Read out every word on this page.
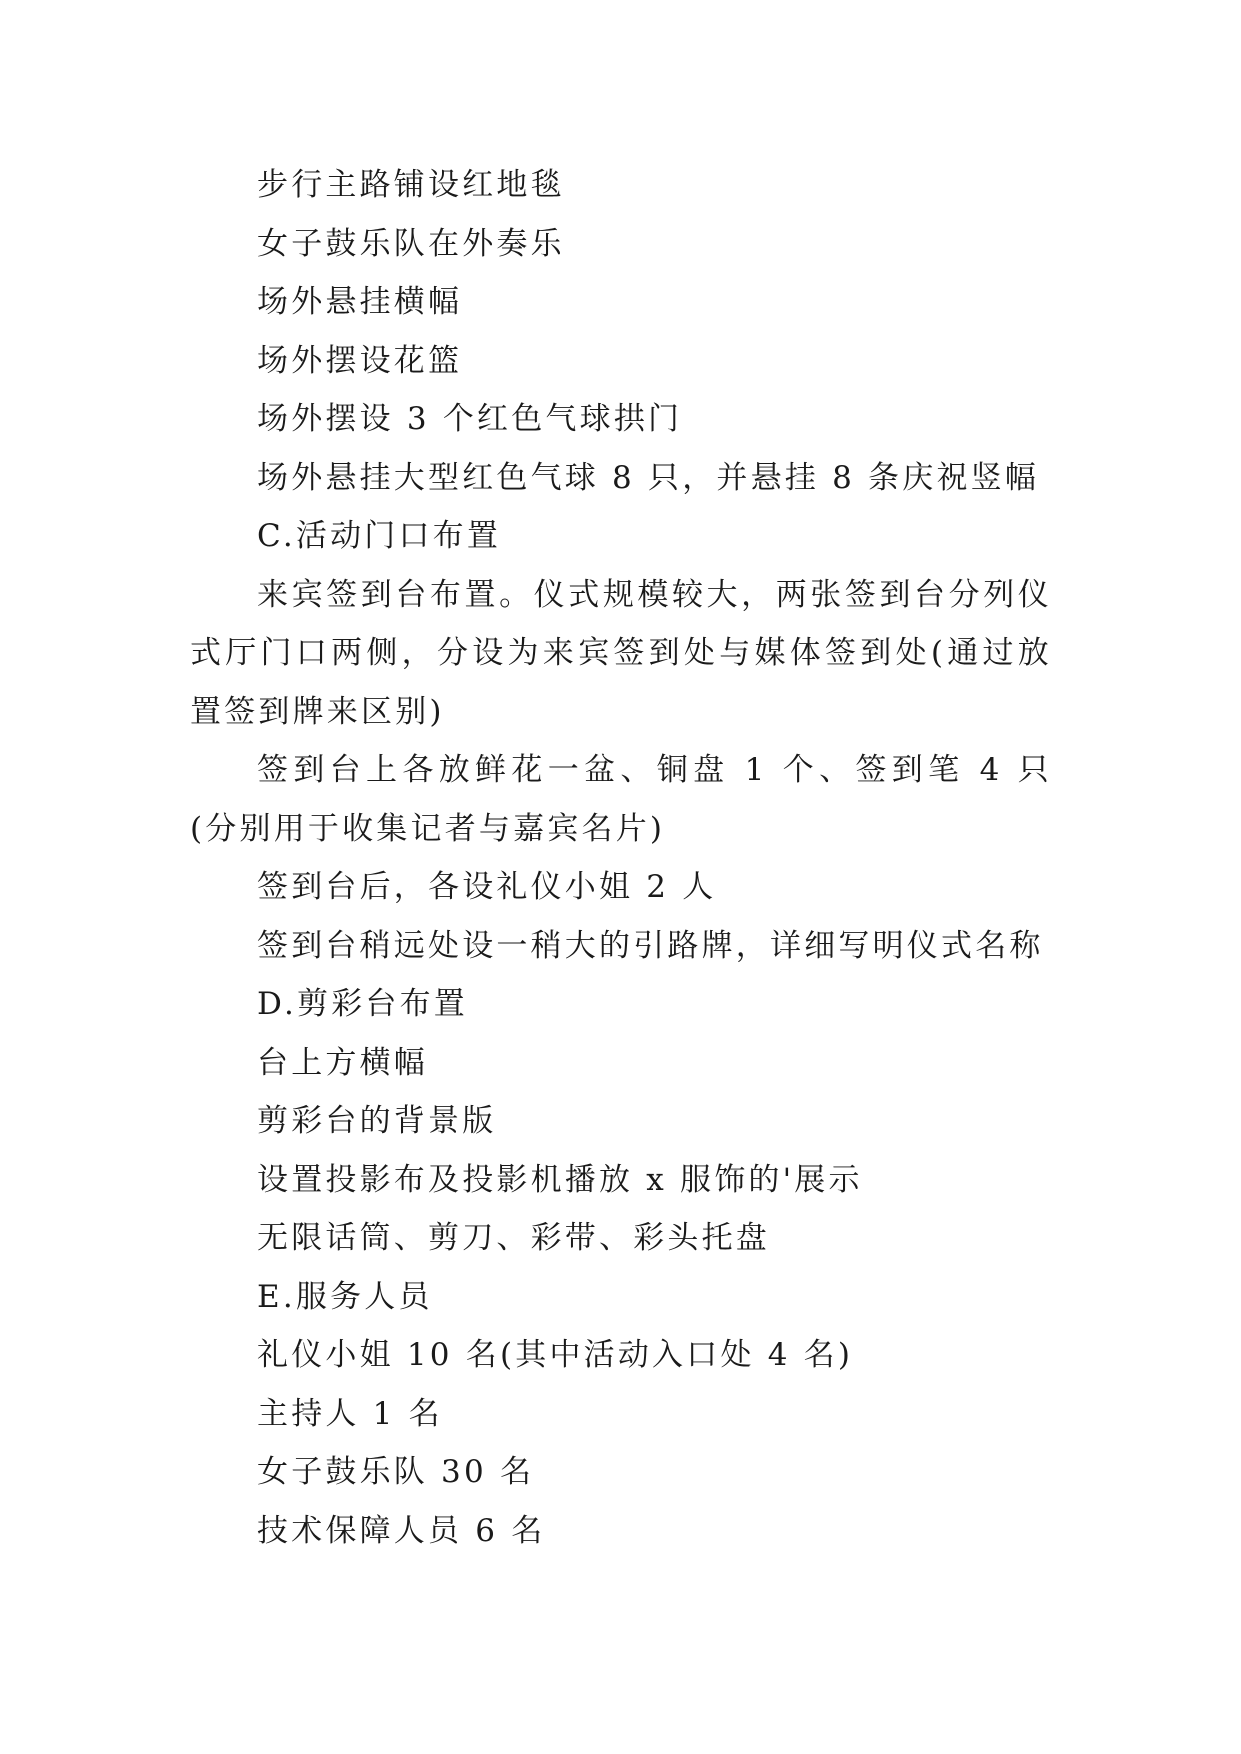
步行主路铺设红地毯

女子鼓乐队在外奏乐

场外悬挂横幅

场外摆设花篮

场外摆设 3 个红色气球拱门

场外悬挂大型红色气球 8 只，并悬挂 8 条庆祝竖幅

C.活动门口布置

来宾签到台布置。仪式规模较大，两张签到台分列仪式厅门口两侧，分设为来宾签到处与媒体签到处(通过放置签到牌来区别)

签到台上各放鲜花一盆、铜盘 1 个、签到笔 4 只(分别用于收集记者与嘉宾名片)

签到台后，各设礼仪小姐 2 人

签到台稍远处设一稍大的引路牌，详细写明仪式名称

D.剪彩台布置

台上方横幅

剪彩台的背景版

设置投影布及投影机播放 x 服饰的'展示

无限话筒、剪刀、彩带、彩头托盘

E.服务人员

礼仪小姐 10 名(其中活动入口处 4 名)

主持人 1 名

女子鼓乐队 30 名

技术保障人员 6 名
